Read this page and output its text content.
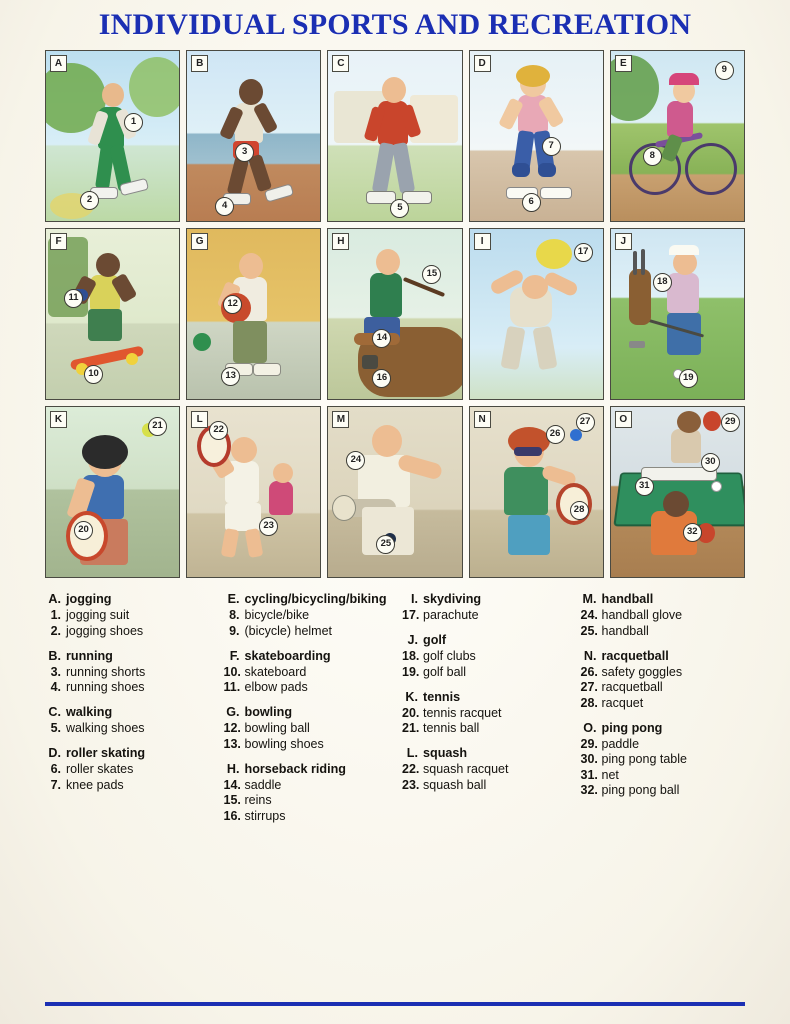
INDIVIDUAL SPORTS AND RECREATION
A
1
2
B
3
4
C
5
D
6
7
E
8
9
F
10
11
G
12
13
H
14
15
16
I
17
J
18
19
K
20
21
L
22
23
M
24
25
N
26
27
28
O	29
30
31
32
A. jogging
1. jogging suit
2. jogging shoes
B. running
3. running shorts
4. running shoes
C. walking
5. walking shoes
D. roller skating
6. roller skates
7. knee pads
E. cycling/bicycling/biking
8. bicycle/bike
9. (bicycle) helmet
F. skateboarding
10. skateboard
11. elbow pads
G. bowling
12. bowling ball
13. bowling shoes
H. horseback riding
14. saddle
15. reins
16. stirrups
I. skydiving
17. parachute
J. golf
18. golf clubs
19. golf ball
K. tennis
20. tennis racquet
21. tennis ball
L. squash
22. squash racquet
23. squash ball
M. handball
24. handball glove
25. handball
N. racquetball
26. safety goggles
27. racquetball
28. racquet
O. ping pong
29. paddle
30. ping pong table
31. net
32. ping pong ball
